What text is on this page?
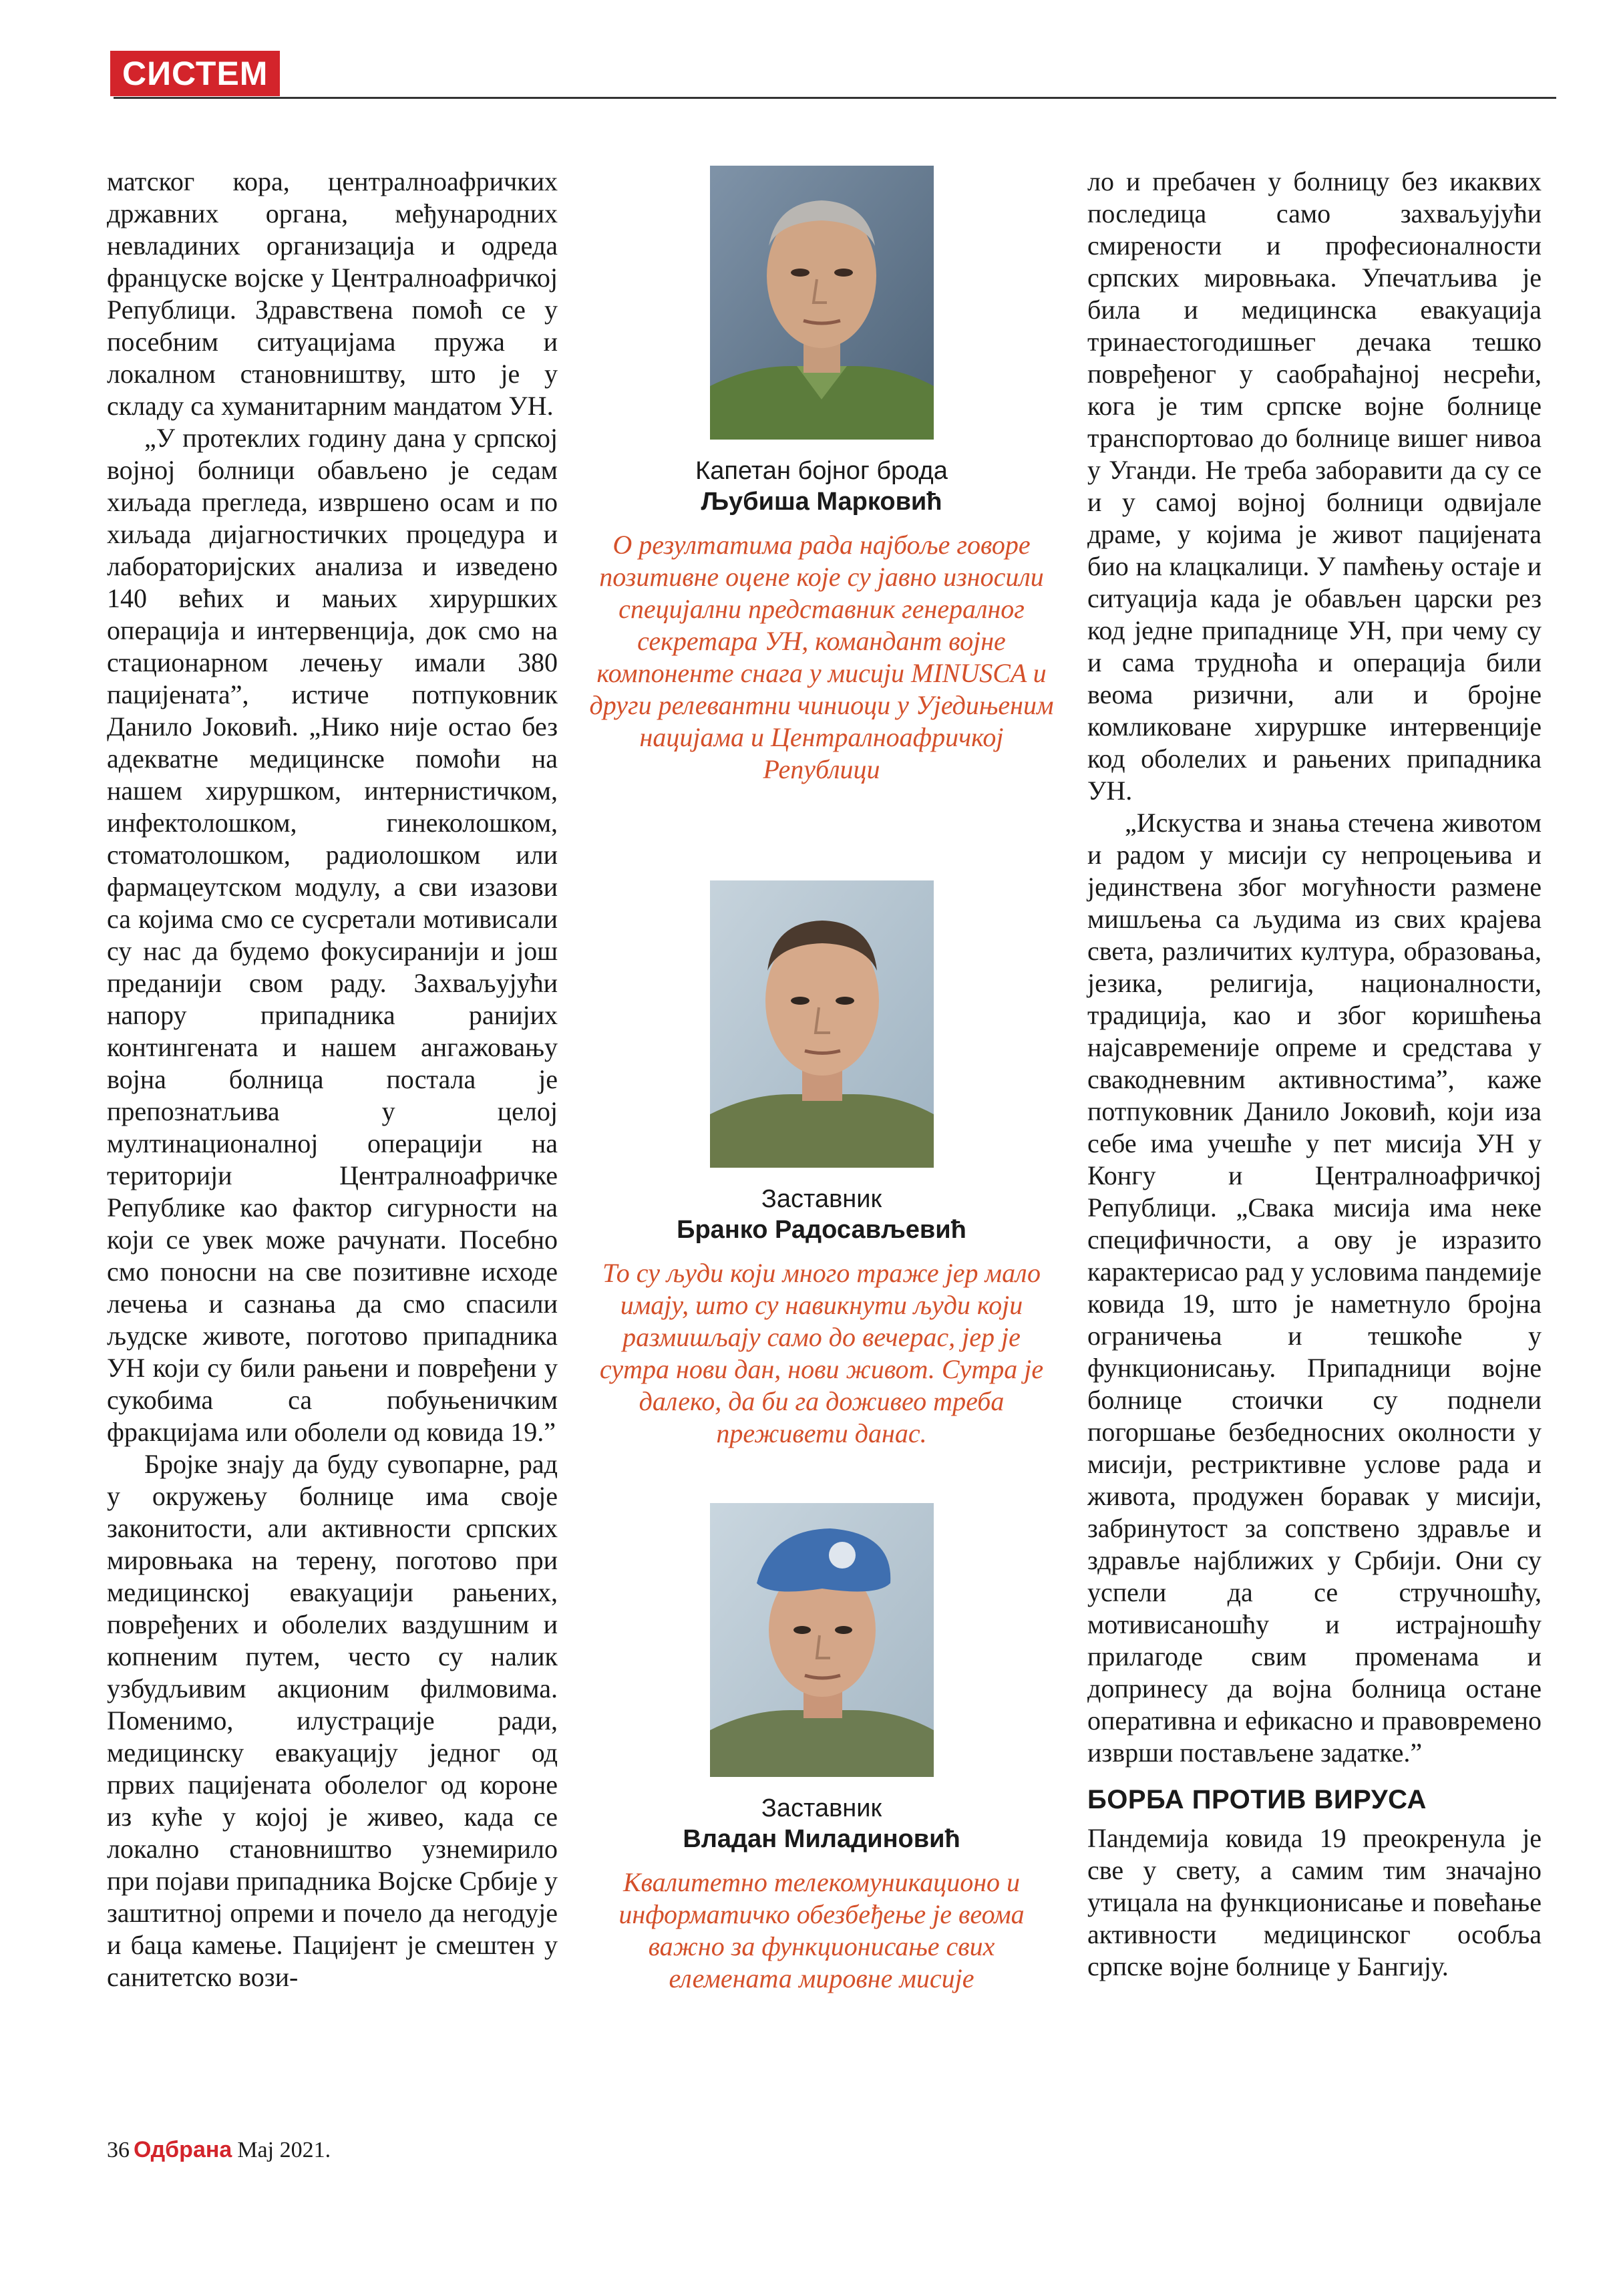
СИСТЕМ

матског кора, централноафричких државних органа, међународних невладиних организација и одреда француске војске у Централноафричкој Републици. Здравствена помоћ се у посебним ситуацијама пружа и локалном становништву, што је у складу са хуманитарним мандатом УН.

„У протеклих годину дана у српској војној болници обављено је седам хиљада прегледа, извршено осам и по хиљада дијагностичких процедура и лабораторијских анализа и изведено 140 већих и мањих хируршких операција и интервенција, док смо на стационарном лечењу имали 380 пацијената”, истиче потпуковник Данило Јоковић. „Нико није остао без адекватне медицинске помоћи на нашем хируршком, интернистичком, инфектолошком, гинеколошком, стоматолошком, радиолошком или фармацеутском модулу, а сви изазови са којима смо се сусретали мотивисали су нас да будемо фокусиранији и још преданији свом раду. Захваљујући напору припадника ранијих контингената и нашем ангажовању војна болница постала је препознатљива у целој мултинационалној операцији на територији Централноафричке Републике као фактор сигурности на који се увек може рачунати. Посебно смо поносни на све позитивне исходе лечења и сазнања да смо спасили људске животе, поготово припадника УН који су били рањени и повређени у сукобима са побуњеничким фракцијама или оболели од ковида 19.”

Бројке знају да буду сувопарне, рад у окружењу болнице има своје законитости, али активности српских мировњака на терену, поготово при медицинској евакуацији рањених, повређених и оболелих ваздушним и копненим путем, често су налик узбудљивим акционим филмовима. Поменимо, илустрације ради, медицинску евакуацију једног од првих пацијената оболелог од короне из куће у којој је живео, када се локално становништво узнемирило при појави припадника Војске Србије у заштитној опреми и почело да негодује и баца камење. Пацијент је смештен у санитетско вози-

Капетан бојног брода
Љубиша Марковић
О резултатима рада најбоље говоре позитивне оцене које су јавно износили специјални представник генералног секретара УН, командант војне компоненте снага у мисији MINUSCA и други релевантни чиниоци у Уједињеним нацијама и Централноафричкој Републици
Заставник
Бранко Радосављевић
То су људи који много траже јер мало имају, што су навикнути људи који размишљају само до вечерас, јер је сутра нови дан, нови живот. Сутра је далеко, да би га доживео треба преживети данас.
Заставник
Владан Миладиновић
Квалитетно телекомуникационо и информатичко обезбеђење је веома важно за функционисање свих елемената мировне мисије

ло и пребачен у болницу без икаквих последица само захваљујући смирености и професионалности српских мировњака. Упечатљива је била и медицинска евакуација тринаестогодишњег дечака тешко повређеног у саобраћајној несрећи, кога је тим српске војне болнице транспортовао до болнице вишег нивоа у Уганди. Не треба заборавити да су се и у самој војној болници одвијале драме, у којима је живот пацијената био на клацкалици. У памћењу остаје и ситуација када је обављен царски рез код једне припаднице УН, при чему су и сама трудноћа и операција били веома ризични, али и бројне комликоване хируршке интервенције код оболелих и рањених припадника УН.

„Искуства и знања стечена животом и радом у мисији су непроцењива и јединствена због могућности размене мишљења са људима из свих крајева света, различитих култура, образовања, језика, религија, националности, традиција, као и због коришћења најсавременије опреме и средстава у свакодневним активностима”, каже потпуковник Данило Јоковић, који иза себе има учешће у пет мисија УН у Конгу и Централноафричкој Републици. „Свака мисија има неке специфичности, а ову је изразито карактерисао рад у условима пандемије ковида 19, што је наметнуло бројна ограничења и тешкоће у функционисању. Припадници војне болнице стоички су поднели погоршање безбедносних околности у мисији, рестриктивне услове рада и живота, продужен боравак у мисији, забринутост за сопствено здравље и здравље најближих у Србији. Они су успели да се стручношћу, мотивисаношћу и истрајношћу прилагоде свим променама и допринесу да војна болница остане оперативна и ефикасно и правовремено изврши постављене задатке.”

БОРБА ПРОТИВ ВИРУСА

Пандемија ковида 19 преокренула је све у свету, а самим тим значајно утицала на функционисање и повећање активности медицинског особља српске војне болнице у Бангију.

36 Одбрана Мај 2021.
